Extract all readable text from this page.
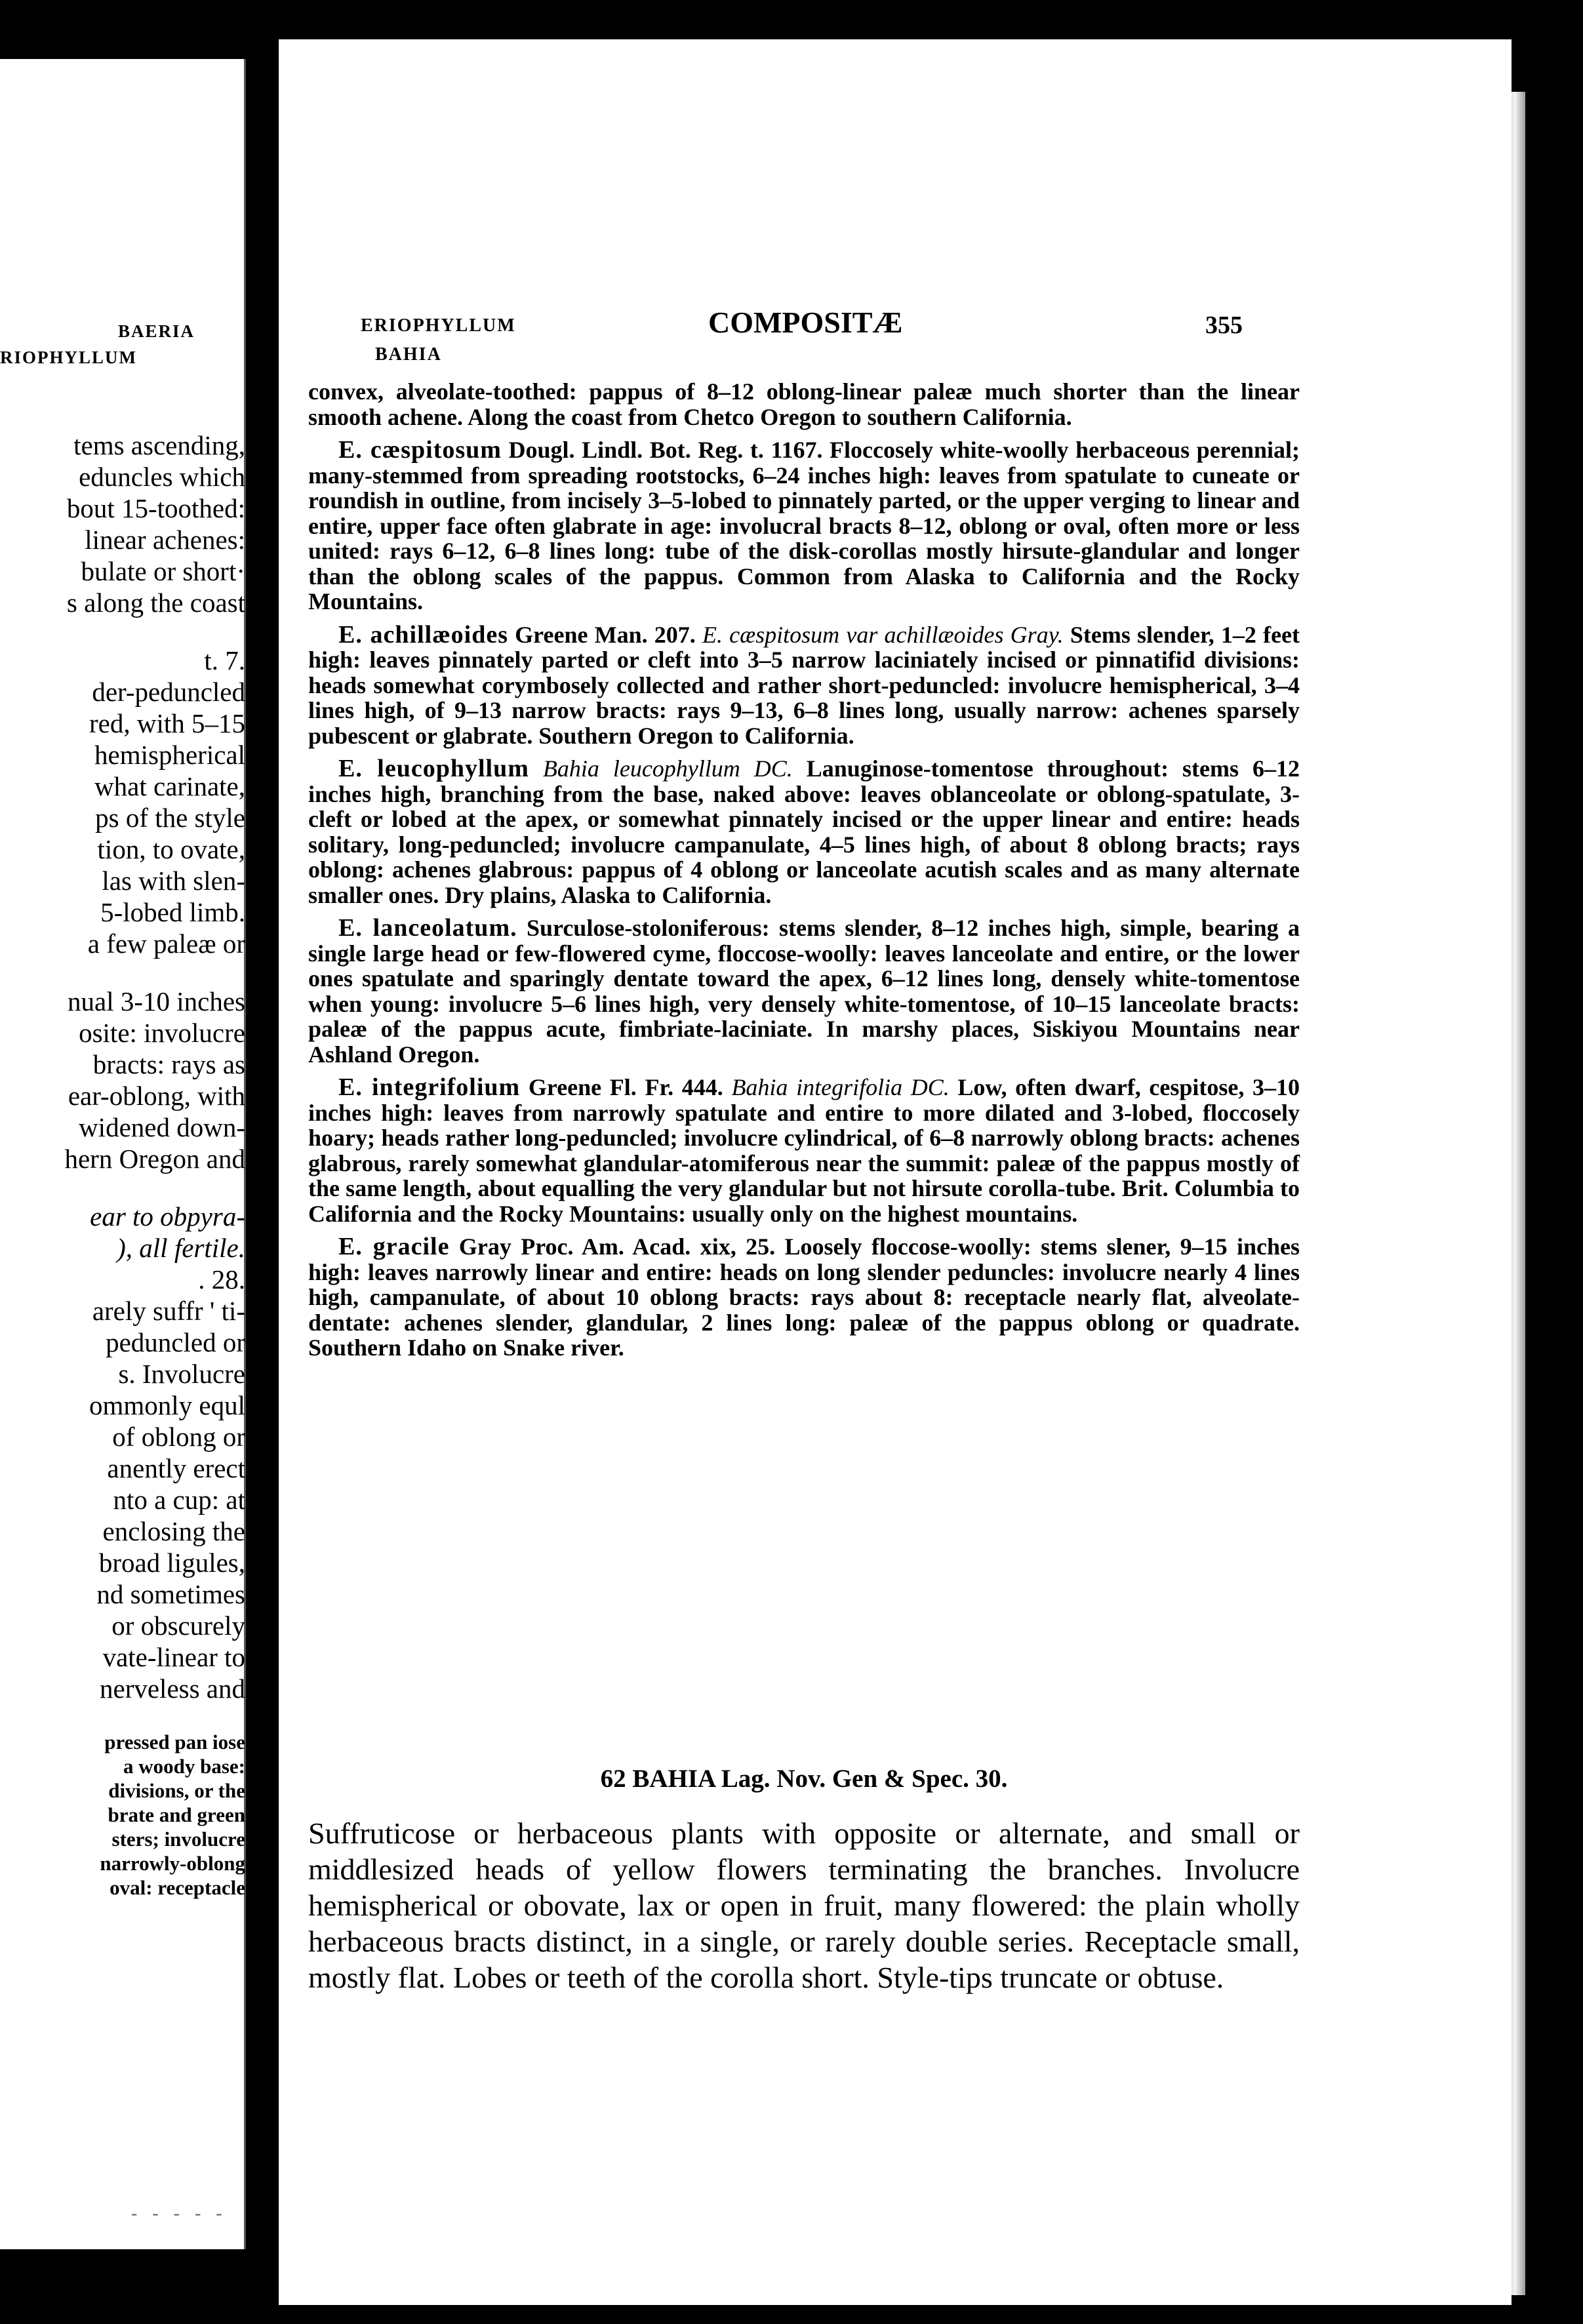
BAERIA
RIOPHYLLUM
tems ascending,
eduncles which
bout 15-toothed:
linear achenes:
bulate or short·
s along the coast
t. 7.
der-peduncled
red, with 5–15
hemispherical
what carinate,
ps of the style
tion, to ovate,
las with slen-
5-lobed limb.
a few paleæ or
nual 3-10 inches
osite: involucre
bracts: rays as
ear-oblong, with
widened down-
hern Oregon and
ear to obpyra-
), all fertile.
. 28.
arely suffr ' ti-
peduncled or
s. Involucre
ommonly equl
of oblong or
anently erect
nto a cup: at
enclosing the
broad ligules,
nd sometimes
or obscurely
vate-linear to
nerveless and
pressed pan iose
a woody base:
divisions, or the
brate and green
sters; involucre
narrowly-oblong
oval: receptacle
- - - - -
ERIOPHYLLUM
BAHIA
COMPOSITÆ	355

convex, alveolate-toothed: pappus of 8–12 oblong-linear paleæ much shorter than the linear smooth achene. Along the coast from Chetco Oregon to southern California.

E. cæspitosum Dougl. Lindl. Bot. Reg. t. 1167. Floccosely white-woolly herbaceous perennial; many-stemmed from spreading rootstocks, 6–24 inches high: leaves from spatulate to cuneate or roundish in outline, from incisely 3–5-lobed to pinnately parted, or the upper verging to linear and entire, upper face often glabrate in age: involucral bracts 8–12, oblong or oval, often more or less united: rays 6–12, 6–8 lines long: tube of the disk-corollas mostly hirsute-glandular and longer than the oblong scales of the pappus. Common from Alaska to California and the Rocky Mountains.

E. achillæoides Greene Man. 207. E. cæspitosum var achillæoides Gray. Stems slender, 1–2 feet high: leaves pinnately parted or cleft into 3–5 narrow laciniately incised or pinnatifid divisions: heads somewhat corymbosely collected and rather short-peduncled: involucre hemispherical, 3–4 lines high, of 9–13 narrow bracts: rays 9–13, 6–8 lines long, usually narrow: achenes sparsely pubescent or glabrate. Southern Oregon to California.

E. leucophyllum Bahia leucophyllum DC. Lanuginose-tomentose throughout: stems 6–12 inches high, branching from the base, naked above: leaves oblanceolate or oblong-spatulate, 3-cleft or lobed at the apex, or somewhat pinnately incised or the upper linear and entire: heads solitary, long-peduncled; involucre campanulate, 4–5 lines high, of about 8 oblong bracts; rays oblong: achenes glabrous: pappus of 4 oblong or lanceolate acutish scales and as many alternate smaller ones. Dry plains, Alaska to California.

E. lanceolatum. Surculose-stoloniferous: stems slender, 8–12 inches high, simple, bearing a single large head or few-flowered cyme, floccose-woolly: leaves lanceolate and entire, or the lower ones spatulate and sparingly dentate toward the apex, 6–12 lines long, densely white-tomentose when young: involucre 5–6 lines high, very densely white-tomentose, of 10–15 lanceolate bracts: paleæ of the pappus acute, fimbriate-laciniate. In marshy places, Siskiyou Mountains near Ashland Oregon.

E. integrifolium Greene Fl. Fr. 444. Bahia integrifolia DC. Low, often dwarf, cespitose, 3–10 inches high: leaves from narrowly spatulate and entire to more dilated and 3-lobed, floccosely hoary; heads rather long-peduncled; involucre cylindrical, of 6–8 narrowly oblong bracts: achenes glabrous, rarely somewhat glandular-atomiferous near the summit: paleæ of the pappus mostly of the same length, about equalling the very glandular but not hirsute corolla-tube. Brit. Columbia to California and the Rocky Mountains: usually only on the highest mountains.

E. gracile Gray Proc. Am. Acad. xix, 25. Loosely floccose-woolly: stems slener, 9–15 inches high: leaves narrowly linear and entire: heads on long slender peduncles: involucre nearly 4 lines high, campanulate, of about 10 oblong bracts: rays about 8: receptacle nearly flat, alveolate-dentate: achenes slender, glandular, 2 lines long: paleæ of the pappus oblong or quadrate. Southern Idaho on Snake river.

62 BAHIA Lag. Nov. Gen & Spec. 30.
Suffruticose or herbaceous plants with opposite or alternate, and small or middlesized heads of yellow flowers terminating the branches. Involucre hemispherical or obovate, lax or open in fruit, many flowered: the plain wholly herbaceous bracts distinct, in a single, or rarely double series. Receptacle small, mostly flat. Lobes or teeth of the corolla short. Style-tips truncate or obtuse.
